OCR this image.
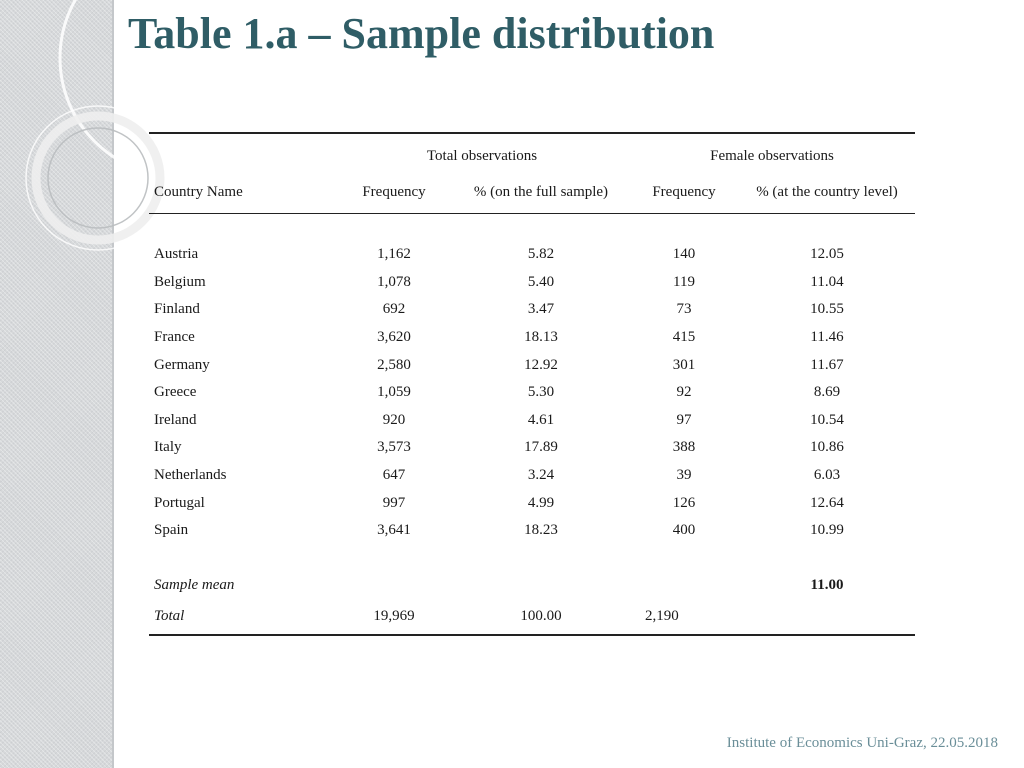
Table 1.a – Sample distribution
	Total observations		Female observations	
Country Name	Frequency	% (on the full sample)	Frequency	% (at the country level)

Austria	1,162	5.82	140	12.05
Belgium	1,078	5.40	119	11.04
Finland	692	3.47	73	10.55
France	3,620	18.13	415	11.46
Germany	2,580	12.92	301	11.67
Greece	1,059	5.30	92	8.69
Ireland	920	4.61	97	10.54
Italy	3,573	17.89	388	10.86
Netherlands	647	3.24	39	6.03
Portugal	997	4.99	126	12.64
Spain	3,641	18.23	400	10.99

Sample mean				11.00
Total	19,969	100.00	2,190	
Institute of Economics Uni-Graz, 22.05.2018
